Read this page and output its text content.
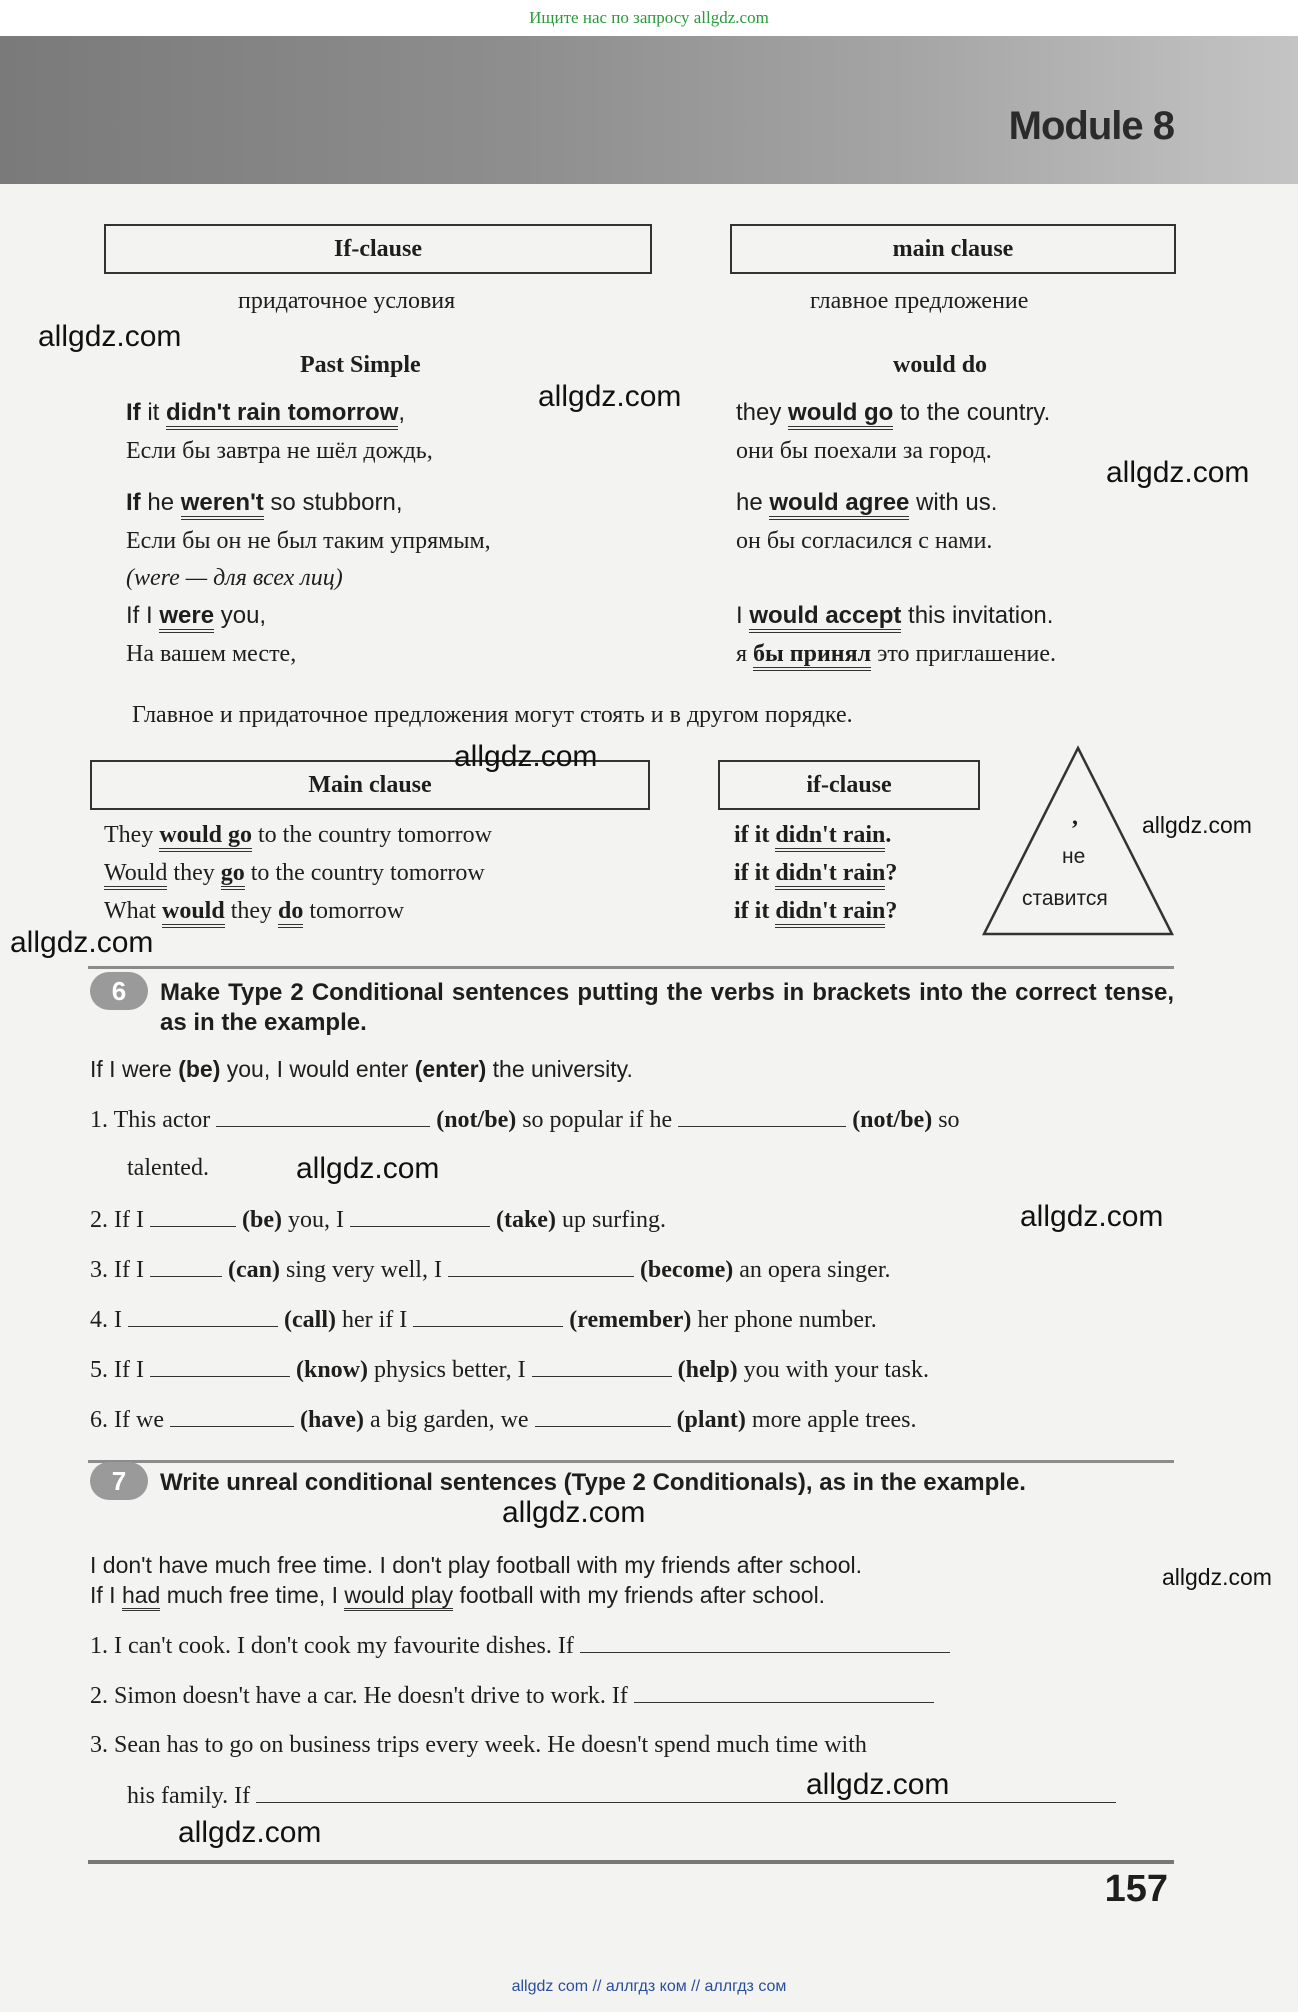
Ищите нас по запросу allgdz.com
Module 8
If-clause	main clause
придаточное условия	главное предложение
Past Simple	would do
If it didn't rain tomorrow,	they would go to the country.
Если бы завтра не шёл дождь,	они бы поехали за город.
If he weren't so stubborn,	he would agree with us.
Если бы он не был таким упрямым,	он бы согласился с нами.
(were — для всех лиц)
If I were you,	I would accept this invitation.
На вашем месте,	я бы принял это приглашение.
Главное и придаточное предложения могут стоять и в другом порядке.
Main clause	if-clause
They would go to the country tomorrow	if it didn't rain.
Would they go to the country tomorrow	if it didn't rain?
What would they do tomorrow	if it didn't rain?
,
не
ставится
6	Make Type 2 Conditional sentences putting the verbs in brackets into the correct tense, as in the example.
If I were (be) you, I would enter (enter) the university.
1. This actor	(not/be) so popular if he	(not/be) so
talented.
2. If I	(be) you, I	(take) up surfing.
3. If I	(can) sing very well, I	(become) an opera singer.
4. I	(call) her if I	(remember) her phone number.
5. If I	(know) physics better, I	(help) you with your task.
6. If we	(have) a big garden, we	(plant) more apple trees.
7	Write unreal conditional sentences (Type 2 Conditionals), as in the example.
I don't have much free time. I don't play football with my friends after school.
If I had much free time, I would play football with my friends after school.
1. I can't cook. I don't cook my favourite dishes. If
2. Simon doesn't have a car. He doesn't drive to work. If
3. Sean has to go on business trips every week. He doesn't spend much time with
his family. If
allgdz.com
allgdz.com
allgdz.com
allgdz.com
allgdz.com
allgdz.com
allgdz.com
allgdz.com
allgdz.com
allgdz.com
allgdz.com
allgdz.com
157
allgdz com // аллгдз ком // аллгдз сом
